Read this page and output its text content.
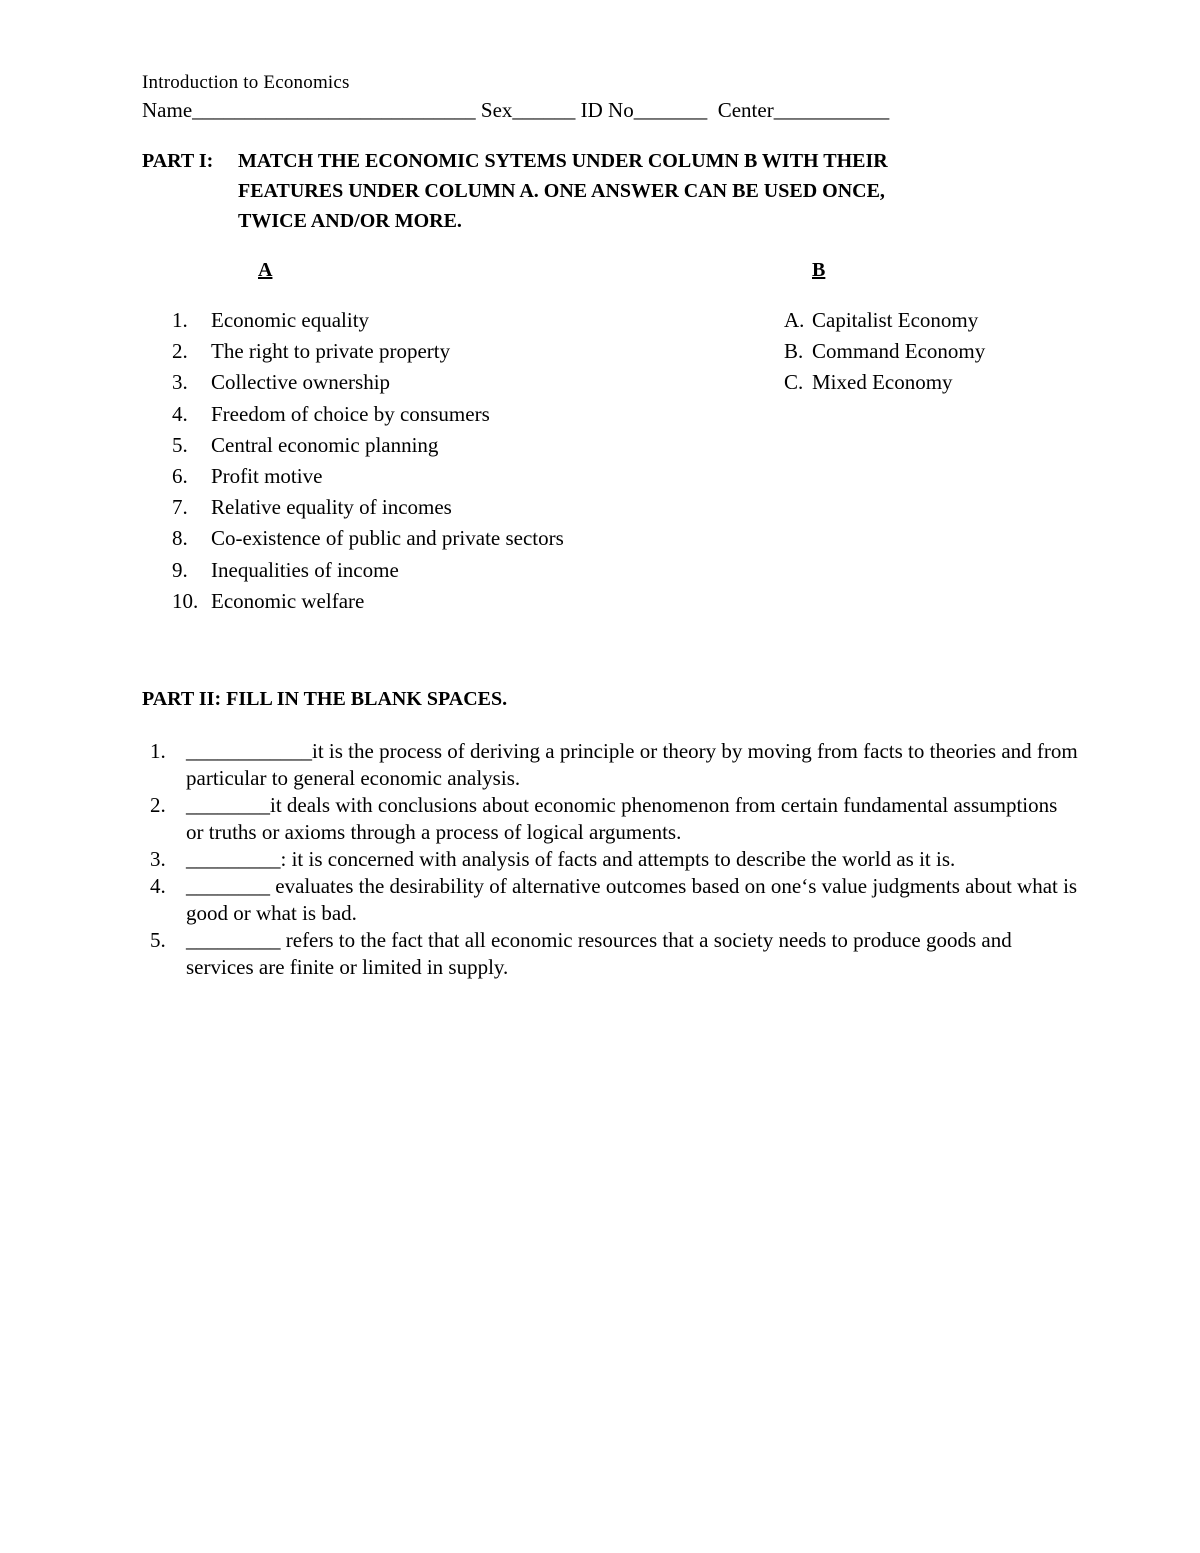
Introduction to Economics
Name___________________________ Sex______ ID No_______  Center___________
PART I: MATCH THE ECONOMIC SYTEMS UNDER COLUMN B WITH THEIR
FEATURES UNDER COLUMN A. ONE ANSWER CAN BE USED ONCE,
TWICE AND/OR MORE.
A	B
1. Economic equality
2. The right to private property
3. Collective ownership
4. Freedom of choice by consumers
5. Central economic planning
6. Profit motive
7. Relative equality of incomes
8. Co-existence of public and private sectors
9. Inequalities of income
10. Economic welfare
A. Capitalist Economy
B. Command Economy
C. Mixed Economy
PART II: FILL IN THE BLANK SPACES.
1. ____________it is the process of deriving a principle or theory by moving from facts to theories and from particular to general economic analysis.
2. ________it deals with conclusions about economic phenomenon from certain fundamental assumptions or truths or axioms through a process of logical arguments.
3. _________: it is concerned with analysis of facts and attempts to describe the world as it is.
4. ________ evaluates the desirability of alternative outcomes based on one‘s value judgments about what is good or what is bad.
5. _________ refers to the fact that all economic resources that a society needs to produce goods and services are finite or limited in supply.
